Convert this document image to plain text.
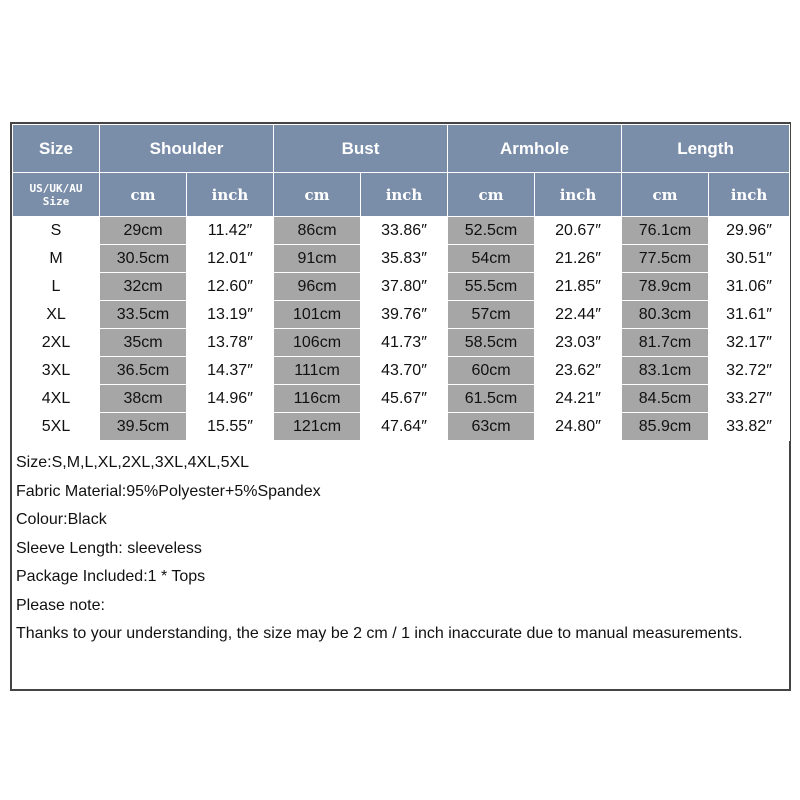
Size	Shoulder		Bust		Armhole		Length	

US/UK/AU
Size	cm	inch	cm	inch	cm	inch	cm	inch
S	29cm	11.42″	86cm	33.86″	52.5cm	20.67″	76.1cm	29.96″
M	30.5cm	12.01″	91cm	35.83″	54cm	21.26″	77.5cm	30.51″
L	32cm	12.60″	96cm	37.80″	55.5cm	21.85″	78.9cm	31.06″
XL	33.5cm	13.19″	101cm	39.76″	57cm	22.44″	80.3cm	31.61″
2XL	35cm	13.78″	106cm	41.73″	58.5cm	23.03″	81.7cm	32.17″
3XL	36.5cm	14.37″	111cm	43.70″	60cm	23.62″	83.1cm	32.72″
4XL	38cm	14.96″	116cm	45.67″	61.5cm	24.21″	84.5cm	33.27″
5XL	39.5cm	15.55″	121cm	47.64″	63cm	24.80″	85.9cm	33.82″
Size:S,M,L,XL,2XL,3XL,4XL,5XL
Fabric Material:95%Polyester+5%Spandex
Colour:Black
Sleeve Length: sleeveless
Package Included:1 * Tops
Please note:
Thanks to your understanding, the size may be 2 cm / 1 inch inaccurate due to manual measurements.
